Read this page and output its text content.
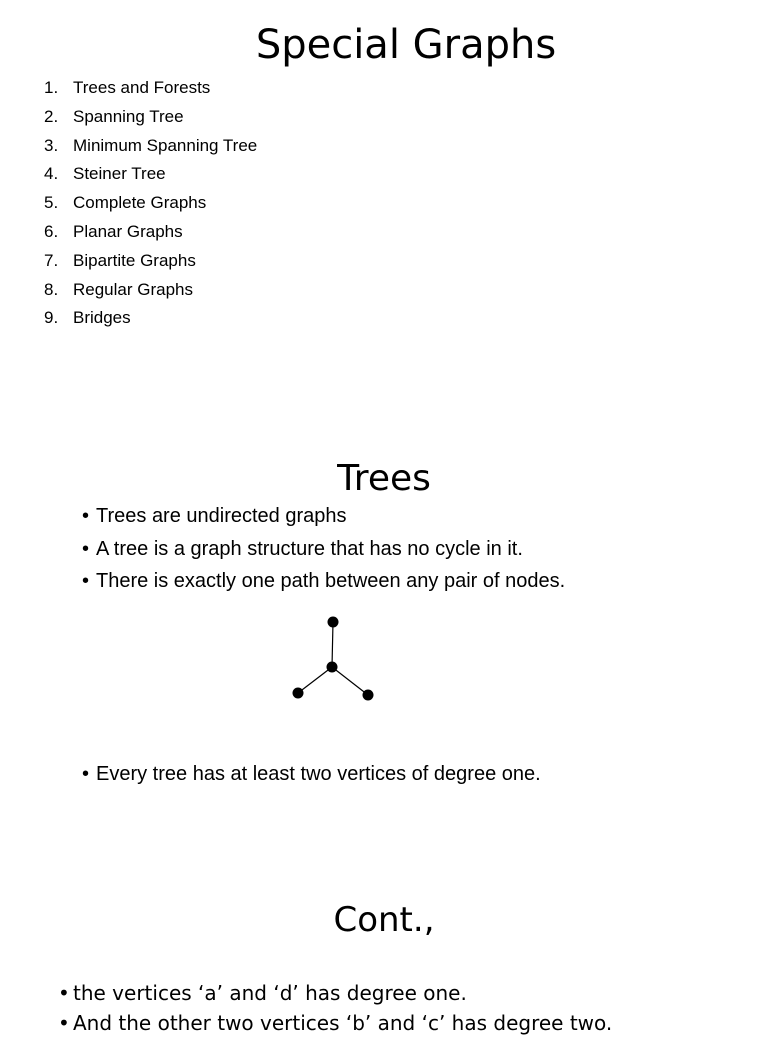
Special Graphs
1. Trees and Forests
2. Spanning Tree
3. Minimum Spanning Tree
4. Steiner Tree
5. Complete Graphs
6. Planar Graphs
7. Bipartite Graphs
8. Regular Graphs
9. Bridges
Trees
• Trees are undirected graphs
• A tree is a graph structure that has no cycle in it.
• There is exactly one path between any pair of nodes.
• Every tree has at least two vertices of degree one.
Cont.,
• the vertices ‘a’ and ‘d’ has degree one.
• And the other two vertices ‘b’ and ‘c’ has degree two.
